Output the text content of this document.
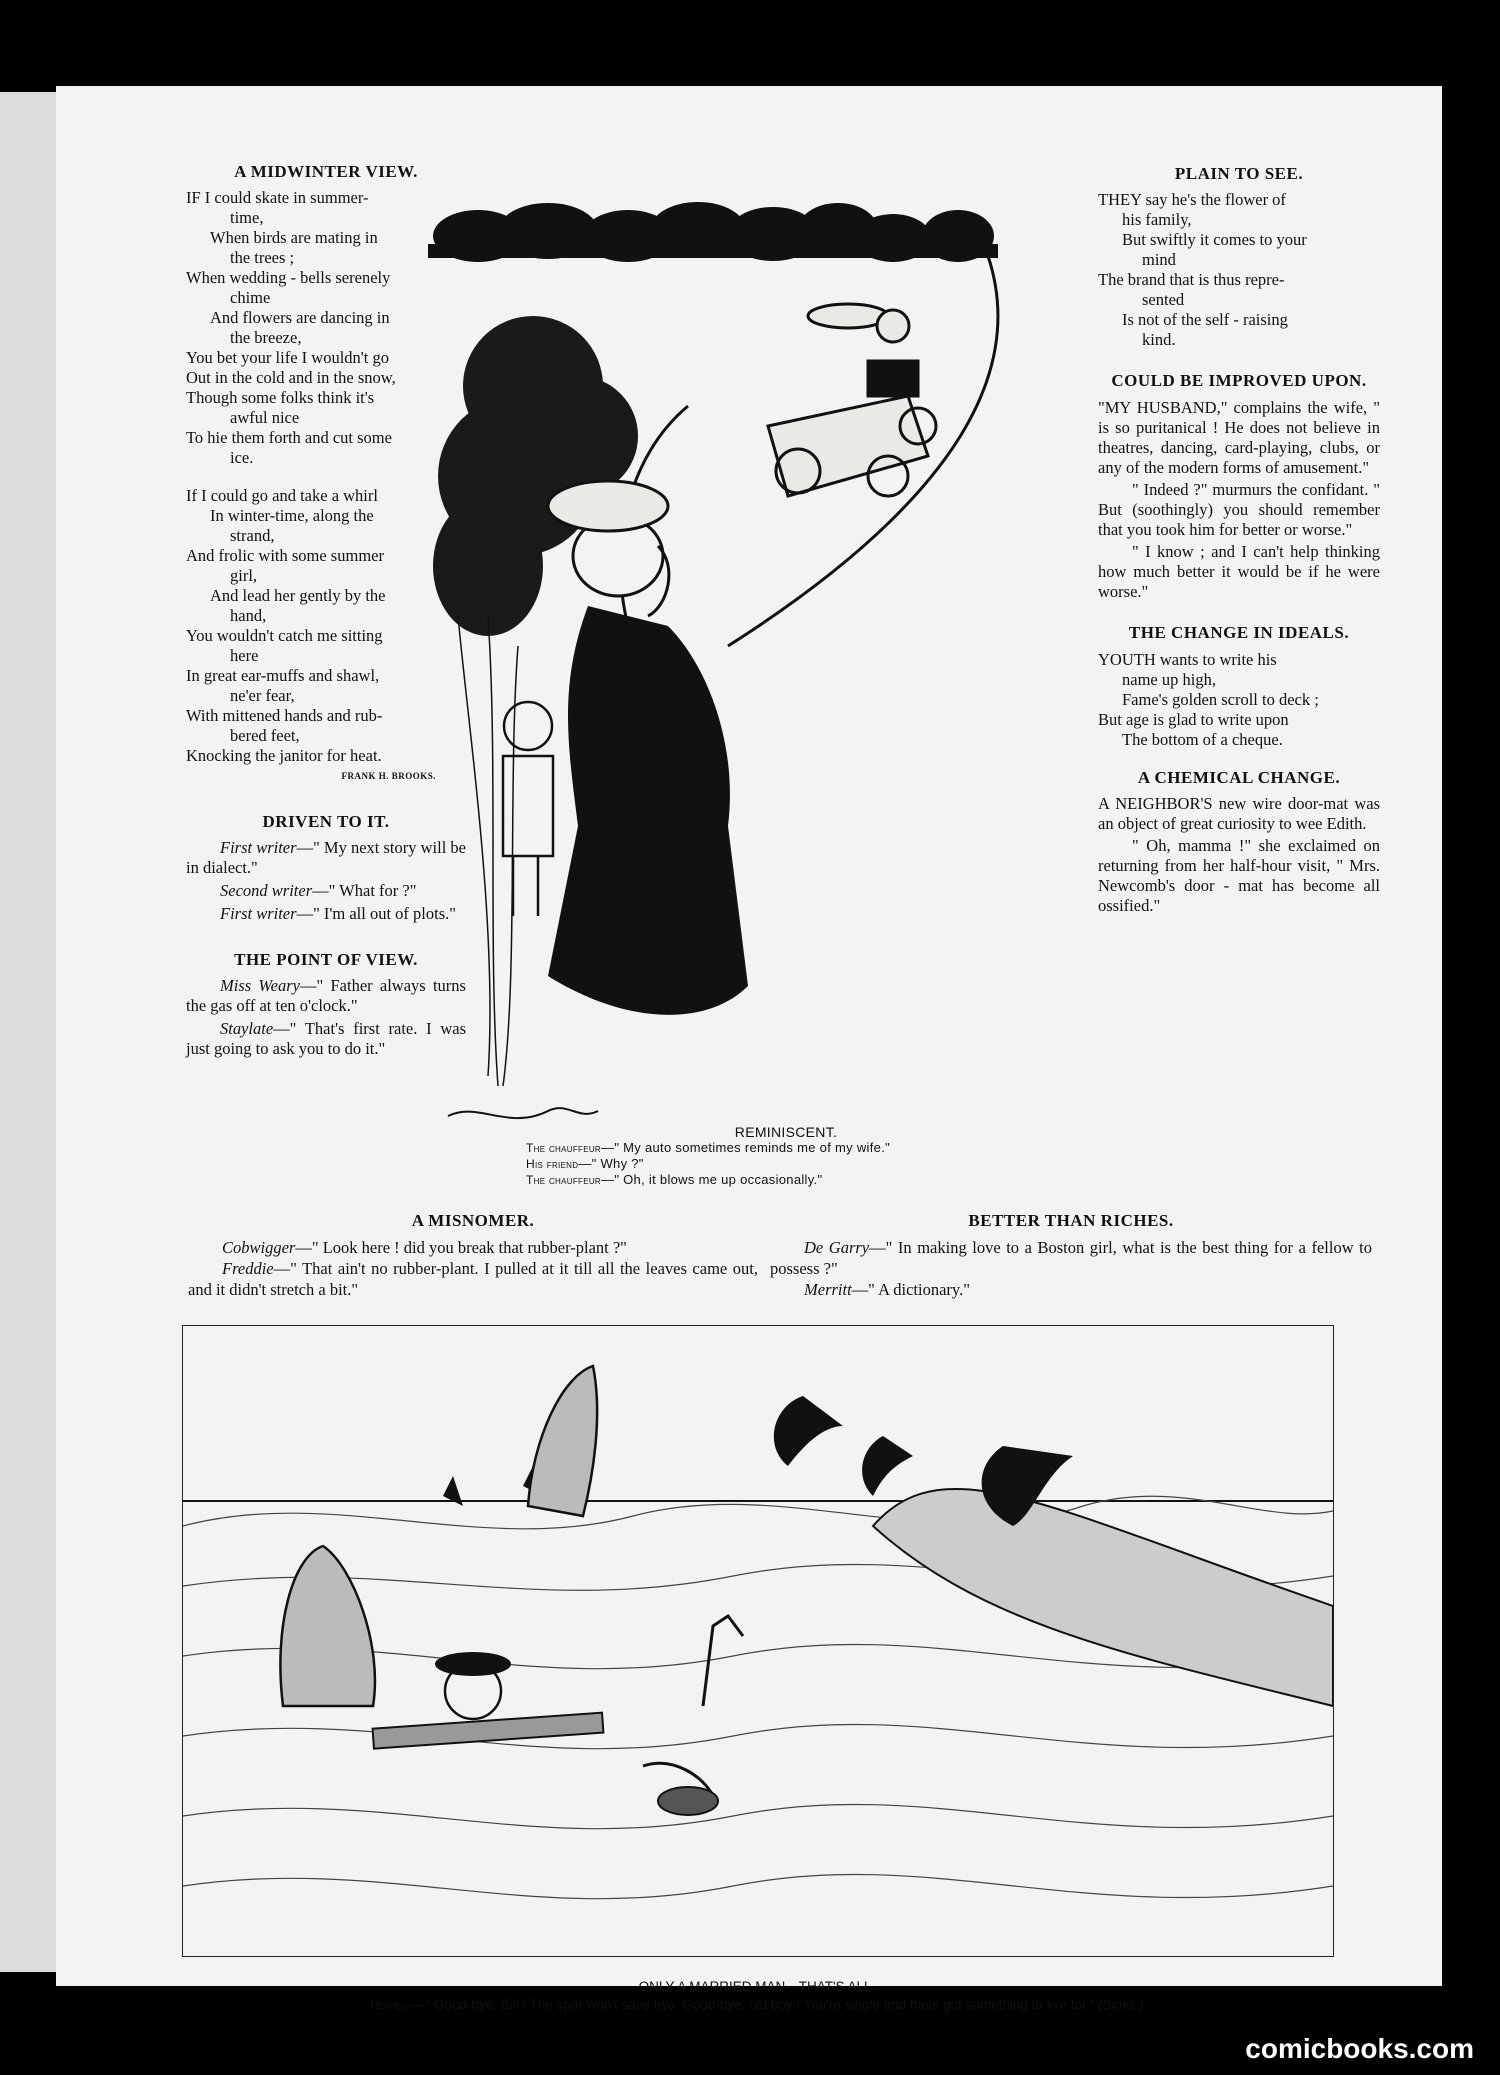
A MIDWINTER VIEW.
IF I could skate in summer-
time,
When birds are mating in
the trees ;
When wedding - bells serenely
chime
And flowers are dancing in
the breeze,
You bet your life I wouldn't go
Out in the cold and in the snow,
Though some folks think it's
awful nice
To hie them forth and cut some
ice.
If I could go and take a whirl
In winter-time, along the
strand,
And frolic with some summer
girl,
And lead her gently by the
hand,
You wouldn't catch me sitting
here
In great ear-muffs and shawl,
ne'er fear,
With mittened hands and rub-
bered feet,
Knocking the janitor for heat.
FRANK H. BROOKS.
DRIVEN TO IT.

First writer—" My next story will be in dialect."

Second writer—" What for ?"

First writer—" I'm all out of plots."

THE POINT OF VIEW.

Miss Weary—" Father always turns the gas off at ten o'clock."

Staylate—" That's first rate. I was just going to ask you to do it."

REMINISCENT.
The chauffeur—" My auto sometimes reminds me of my wife."
His friend—" Why ?"
The chauffeur—" Oh, it blows me up occasionally."
PLAIN TO SEE.
THEY say he's the flower of
his family,
But swiftly it comes to your
mind
The brand that is thus repre-
sented
Is not of the self - raising
kind.
COULD BE IMPROVED UPON.

"MY HUSBAND," complains the wife, " is so puritanical ! He does not believe in theatres, dancing, card-playing, clubs, or any of the modern forms of amusement."

" Indeed ?" murmurs the confidant. " But (soothingly) you should remember that you took him for better or worse."

" I know ; and I can't help thinking how much better it would be if he were worse."

THE CHANGE IN IDEALS.
YOUTH wants to write his
name up high,
Fame's golden scroll to deck ;
But age is glad to write upon
The bottom of a cheque.
A CHEMICAL CHANGE.

A NEIGHBOR'S new wire door-mat was an object of great curiosity to wee Edith.

" Oh, mamma !" she exclaimed on returning from her half-hour visit, " Mrs. Newcomb's door - mat has become all ossified."

A MISNOMER.

Cobwigger—" Look here ! did you break that rubber-plant ?"

Freddie—" That ain't no rubber-plant. I pulled at it till all the leaves came out, and it didn't stretch a bit."

BETTER THAN RICHES.

De Garry—" In making love to a Boston girl, what is the best thing for a fellow to possess ?"

Merritt—" A dictionary."

ONLY A MARRIED MAN—THAT'S ALL.
Henpeck—" Good-bye, Bill ! The spar won't save two. Good-bye, old boy ! You're single and have got something to live for." (Sinks.)
comicbooks.com
